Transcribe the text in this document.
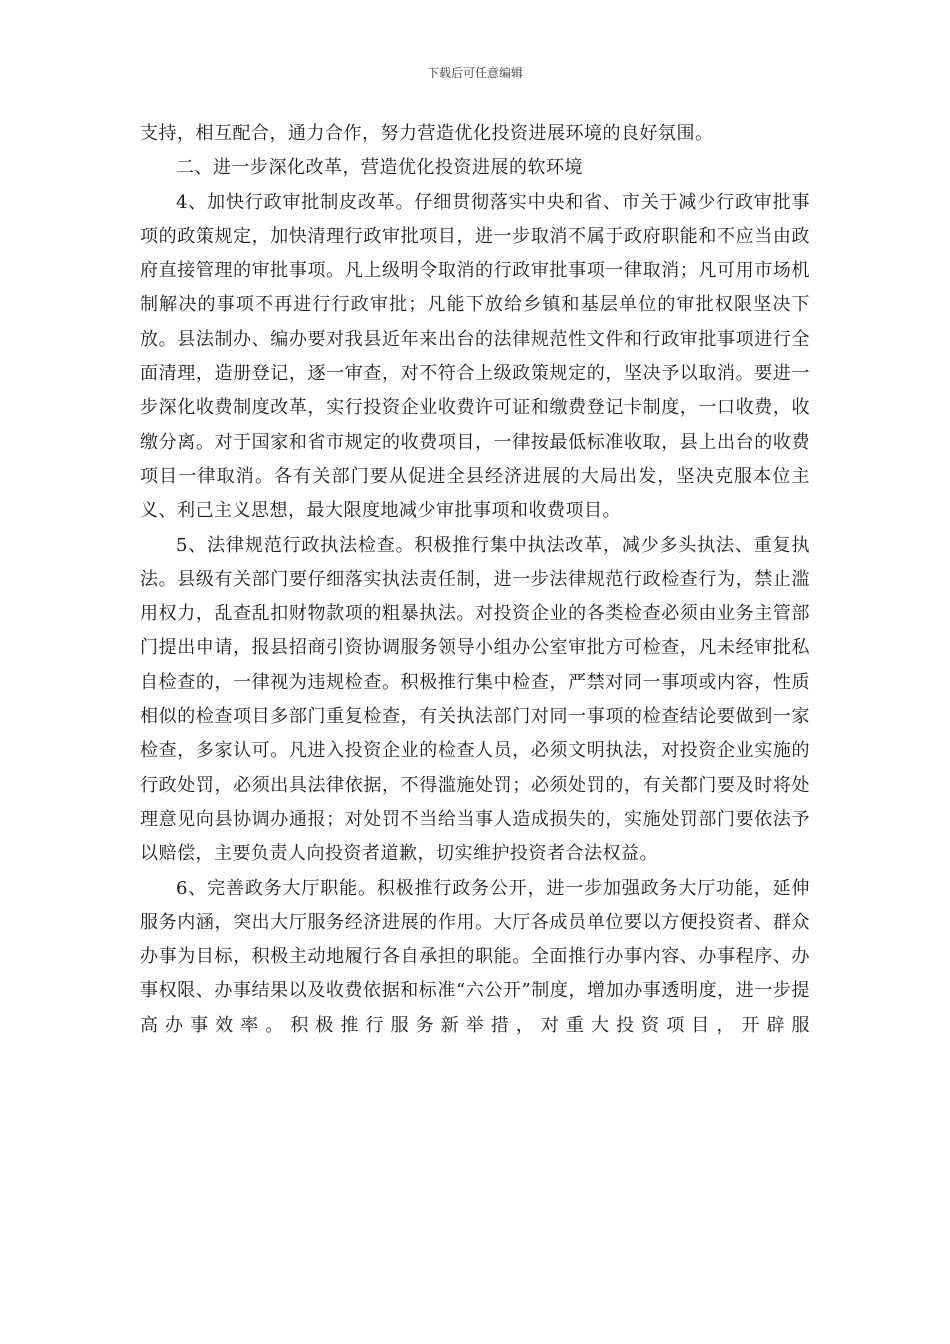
下载后可任意编辑

支持，相互配合，通力合作，努力营造优化投资进展环境的良好氛围。

二、进一步深化改革，营造优化投资进展的软环境

4、加快行政审批制皮改革。仔细贯彻落实中央和省、市关于减少行政审批事项的政策规定，加快清理行政审批项目，进一步取消不属于政府职能和不应当由政府直接管理的审批事项。凡上级明令取消的行政审批事项一律取消；凡可用市场机制解决的事项不再进行行政审批；凡能下放给乡镇和基层单位的审批权限坚决下放。县法制办、编办要对我县近年来出台的法律规范性文件和行政审批事项进行全面清理，造册登记，逐一审查，对不符合上级政策规定的，坚决予以取消。要进一步深化收费制度改革，实行投资企业收费许可证和缴费登记卡制度，一口收费，收缴分离。对于国家和省市规定的收费项目，一律按最低标准收取，县上出台的收费项目一律取消。各有关部门要从促进全县经济进展的大局出发，坚决克服本位主义、利己主义思想，最大限度地减少审批事项和收费项目。

5、法律规范行政执法检查。积极推行集中执法改革，减少多头执法、重复执法。县级有关部门要仔细落实执法责任制，进一步法律规范行政检查行为，禁止滥用权力，乱查乱扣财物款项的粗暴执法。对投资企业的各类检查必须由业务主管部门提出申请，报县招商引资协调服务领导小组办公室审批方可检查，凡未经审批私自检查的，一律视为违规检查。积极推行集中检查，严禁对同一事项或内容，性质相似的检查项目多部门重复检查，有关执法部门对同一事项的检查结论要做到一家检查，多家认可。凡进入投资企业的检查人员，必须文明执法，对投资企业实施的行政处罚，必须出具法律依据，不得滥施处罚；必须处罚的，有关都门要及时将处理意见向县协调办通报；对处罚不当给当事人造成损失的，实施处罚部门要依法予以赔偿，主要负责人向投资者道歉，切实维护投资者合法权益。

6、完善政务大厅职能。积极推行政务公开，进一步加强政务大厅功能，延伸服务内涵，突出大厅服务经济进展的作用。大厅各成员单位要以方便投资者、群众办事为目标，积极主动地履行各自承担的职能。全面推行办事内容、办事程序、办事权限、办事结果以及收费依据和标准“六公开”制度，增加办事透明度，进一步提高办事效率。积极推行服务新举措，对重大投资项目，开辟服
